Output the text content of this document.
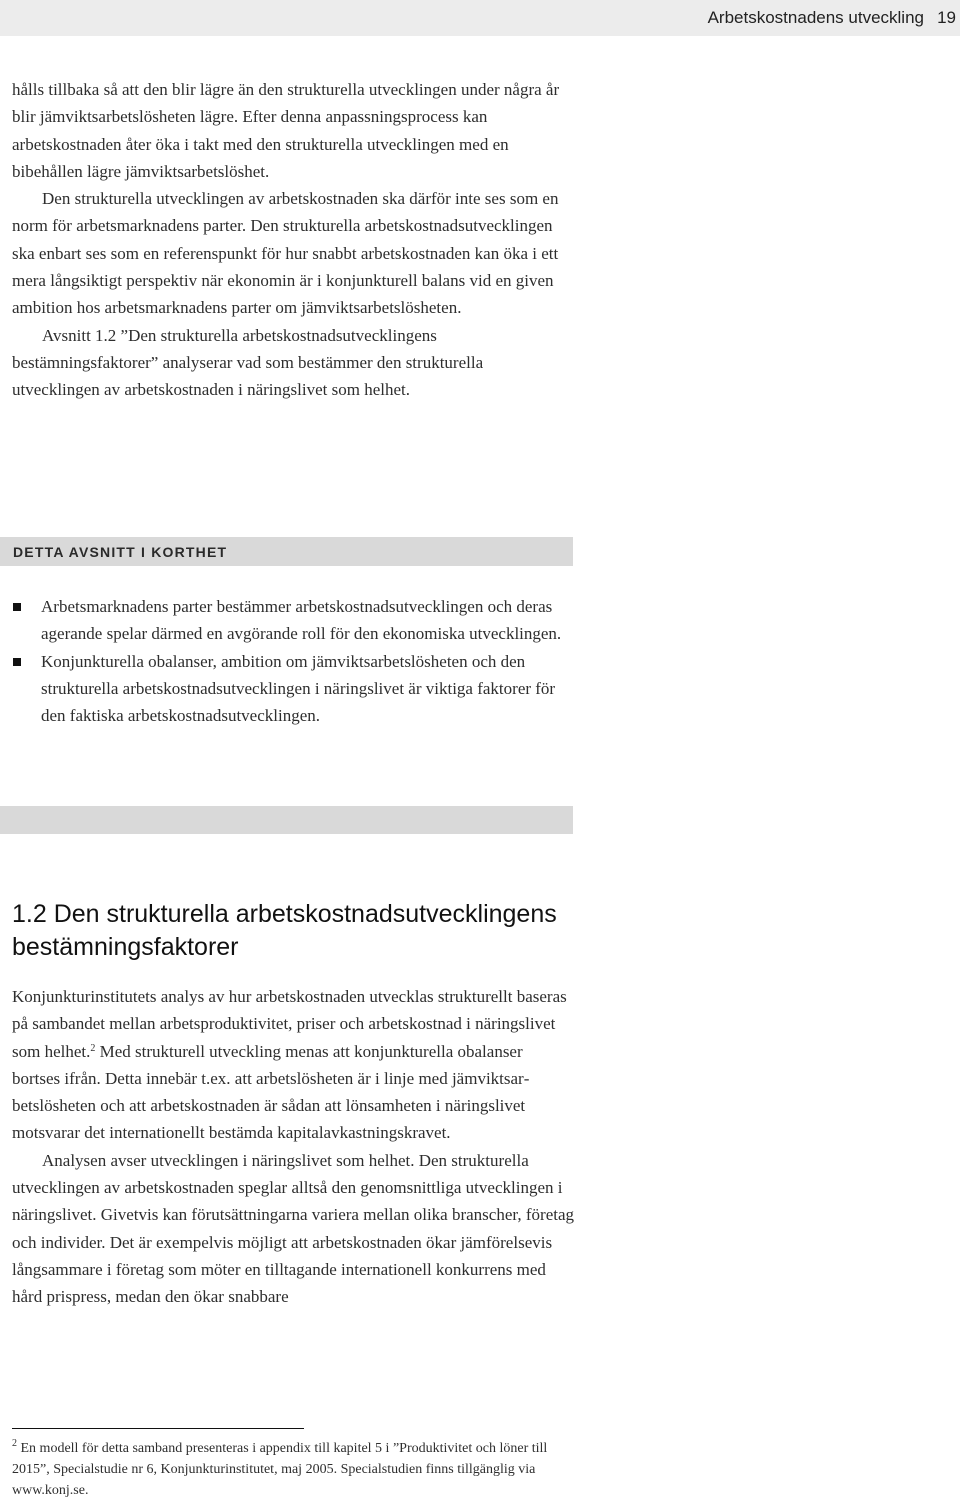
Arbetskostnadens utveckling 19

hålls tillbaka så att den blir lägre än den strukturella utvecklingen under några år blir jämviktsarbetslösheten lägre. Efter denna anpassningsprocess kan arbetskostnaden åter öka i takt med den strukturella utvecklingen med en bibehållen lägre jämviktsarbetslöshet.

Den strukturella utvecklingen av arbetskostnaden ska därför inte ses som en norm för arbetsmarknadens parter. Den strukturella arbetskostnadsutvecklingen ska enbart ses som en referenspunkt för hur snabbt arbetskostnaden kan öka i ett mera långsiktigt perspektiv när ekonomin är i konjunkturell balans vid en given ambition hos arbetsmarknadens parter om jämviktsarbetslösheten.

Avsnitt 1.2 ”Den strukturella arbetskostnadsutvecklingens bestämningsfaktorer” analyserar vad som bestämmer den strukturella utvecklingen av arbetskostnaden i näringslivet som helhet.

DETTA AVSNITT I KORTHET
Arbetsmarknadens parter bestämmer arbetskostnadsutvecklingen och deras agerande spelar därmed en avgörande roll för den ekonomiska utvecklingen.
Konjunkturella obalanser, ambition om jämviktsarbetslösheten och den strukturella arbetskostnadsutvecklingen i näringslivet är viktiga faktorer för den faktiska arbetskostnadsutvecklingen.
1.2 Den strukturella arbetskostnadsutvecklingens bestämningsfaktorer

Konjunkturinstitutets analys av hur arbetskostnaden utvecklas strukturellt baseras på sambandet mellan arbetsproduktivitet, priser och arbetskostnad i näringslivet som helhet.$^2$ Med strukturell utveckling menas att konjunkturella obalanser bortses ifrån. Detta innebär t.ex. att arbetslösheten är i linje med jämviktsarbetslösheten och att arbetskostnaden är sådan att lönsamheten i näringslivet motsvarar det internationellt bestämda kapitalavkastningskravet.

Analysen avser utvecklingen i näringslivet som helhet. Den strukturella utvecklingen av arbetskostnaden speglar alltså den genomsnittliga utvecklingen i näringslivet. Givetvis kan förutsättningarna variera mellan olika branscher, företag och individer. Det är exempelvis möjligt att arbetskostnaden ökar jämförelsevis långsammare i företag som möter en tilltagande internationell konkurrens med hård prispress, medan den ökar snabbare

$^2$ En modell för detta samband presenteras i appendix till kapitel 5 i ”Produktivitet och löner till 2015”, Specialstudie nr 6, Konjunkturinstitutet, maj 2005. Specialstudien finns tillgänglig via www.konj.se.
